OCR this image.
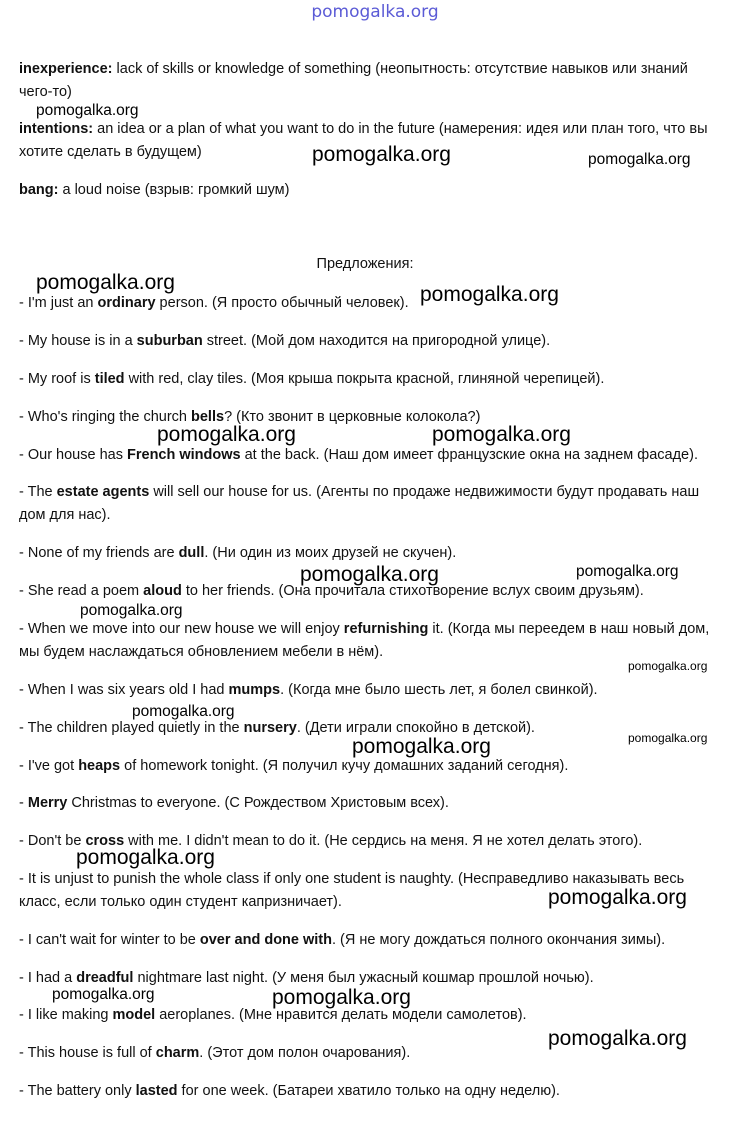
pomogalka.org

inexperience: lack of skills or knowledge of something (неопытность: отсутствие навыков или знаний чего-то)

intentions: an idea or a plan of what you want to do in the future (намерения: идея или план того, что вы хотите сделать в будущем)

bang: a loud noise (взрыв: громкий шум)

Предложения:

- I'm just an ordinary person. (Я просто обычный человек).

- My house is in a suburban street. (Мой дом находится на пригородной улице).

- My roof is tiled with red, clay tiles. (Моя крыша покрыта красной, глиняной черепицей).

- Who's ringing the church bells? (Кто звонит в церковные колокола?)

- Our house has French windows at the back. (Наш дом имеет французские окна на заднем фасаде).

- The estate agents will sell our house for us. (Агенты по продаже недвижимости будут продавать наш дом для нас).

- None of my friends are dull. (Ни один из моих друзей не скучен).

- She read a poem aloud to her friends. (Она прочитала стихотворение вслух своим друзьям).

- When we move into our new house we will enjoy refurnishing it. (Когда мы переедем в наш новый дом, мы будем наслаждаться обновлением мебели в нём).

- When I was six years old I had mumps. (Когда мне было шесть лет, я болел свинкой).

- The children played quietly in the nursery. (Дети играли спокойно в детской).

- I've got heaps of homework tonight. (Я получил кучу домашних заданий сегодня).

- Merry Christmas to everyone. (С Рождеством Христовым всех).

- Don't be cross with me. I didn't mean to do it. (Не сердись на меня. Я не хотел делать этого).

- It is unjust to punish the whole class if only one student is naughty. (Несправедливо наказывать весь класс, если только один студент капризничает).

- I can't wait for winter to be over and done with. (Я не могу дождаться полного окончания зимы).

- I had a dreadful nightmare last night. (У меня был ужасный кошмар прошлой ночью).

- I like making model aeroplanes. (Мне нравится делать модели самолетов).

- This house is full of charm. (Этот дом полон очарования).

- The battery only lasted for one week. (Батареи хватило только на одну неделю).

pomogalka.org
pomogalka.org	pomogalka.org
pomogalka.org
pomogalka.org
pomogalka.org	pomogalka.org
pomogalka.org	pomogalka.org
pomogalka.org
pomogalka.org
pomogalka.org
pomogalka.org	pomogalka.org
pomogalka.org
pomogalka.org
pomogalka.org	pomogalka.org
pomogalka.org
